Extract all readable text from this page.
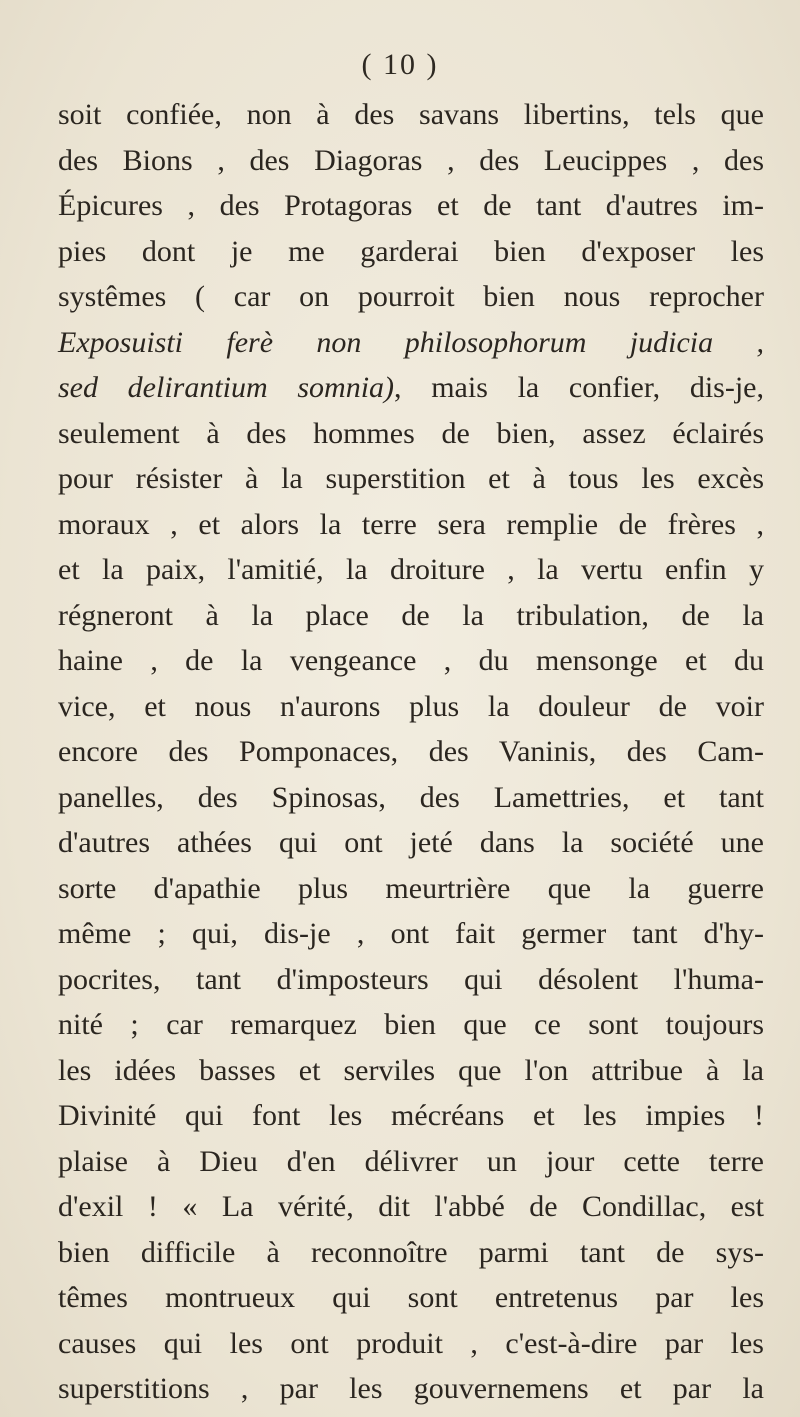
( 10 )
soit confiée, non à des savans libertins, tels que
des Bions , des Diagoras , des Leucippes , des
Épicures , des Protagoras et de tant d'autres im-
pies dont je me garderai bien d'exposer les
systêmes ( car on pourroit bien nous reprocher
Exposuisti ferè non philosophorum judicia ,
sed delirantium somnia), mais la confier, dis-je,
seulement à des hommes de bien, assez éclairés
pour résister à la superstition et à tous les excès
moraux , et alors la terre sera remplie de frères ,
et la paix, l'amitié, la droiture , la vertu enfin y
régneront à la place de la tribulation, de la
haine , de la vengeance , du mensonge et du
vice, et nous n'aurons plus la douleur de voir
encore des Pomponaces, des Vaninis, des Cam-
panelles, des Spinosas, des Lamettries, et tant
d'autres athées qui ont jeté dans la société une
sorte d'apathie plus meurtrière que la guerre
même ; qui, dis-je , ont fait germer tant d'hy-
pocrites, tant d'imposteurs qui désolent l'huma-
nité ; car remarquez bien que ce sont toujours
les idées basses et serviles que l'on attribue à la
Divinité qui font les mécréans et les impies !
plaise à Dieu d'en délivrer un jour cette terre
d'exil ! « La vérité, dit l'abbé de Condillac, est
bien difficile à reconnoître parmi tant de sys-
têmes montrueux qui sont entretenus par les
causes qui les ont produit , c'est-à-dire par les
superstitions , par les gouvernemens et par la
